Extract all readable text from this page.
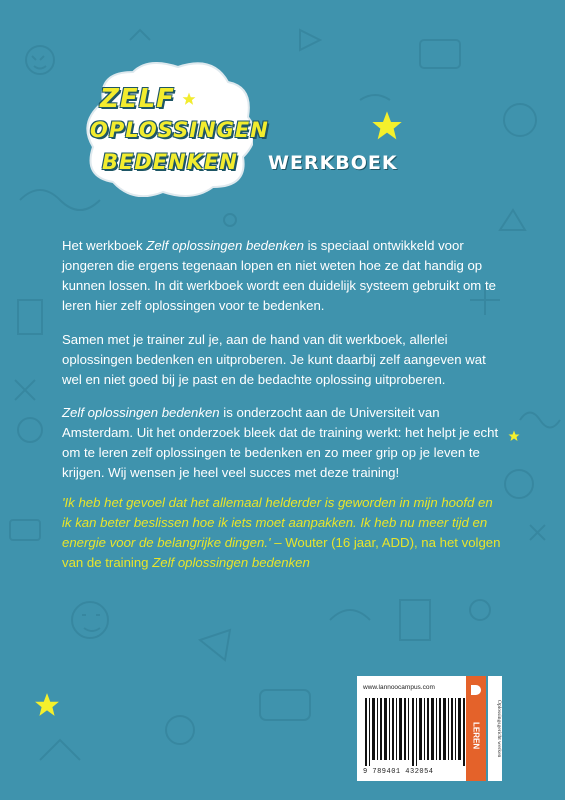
ZELF
OPLOSSINGEN
BEDENKEN WERKBOEK
Het werkboek Zelf oplossingen bedenken is speciaal ontwikkeld voor jongeren die ergens tegenaan lopen en niet weten hoe ze dat handig op kunnen lossen. In dit werkboek wordt een duidelijk systeem gebruikt om te leren hier zelf oplossingen voor te bedenken.
Samen met je trainer zul je, aan de hand van dit werkboek, allerlei oplossingen bedenken en uitproberen. Je kunt daarbij zelf aangeven wat wel en niet goed bij je past en de bedachte oplossing uitproberen.
Zelf oplossingen bedenken is onderzocht aan de Universiteit van Amsterdam. Uit het onderzoek bleek dat de training werkt: het helpt je echt om te leren zelf oplossingen te bedenken en zo meer grip op je leven te krijgen. Wij wensen je heel veel succes met deze training!
'Ik heb het gevoel dat het allemaal helderder is geworden in mijn hoofd en ik kan beter beslissen hoe ik iets moet aanpakken. Ik heb nu meer tijd en energie voor de belangrijke dingen.' – Wouter (16 jaar, ADD), na het volgen van de training Zelf oplossingen bedenken
www.lannoocampus.com
9 789401 432054
LEREN	Oplossingsgericht werken
